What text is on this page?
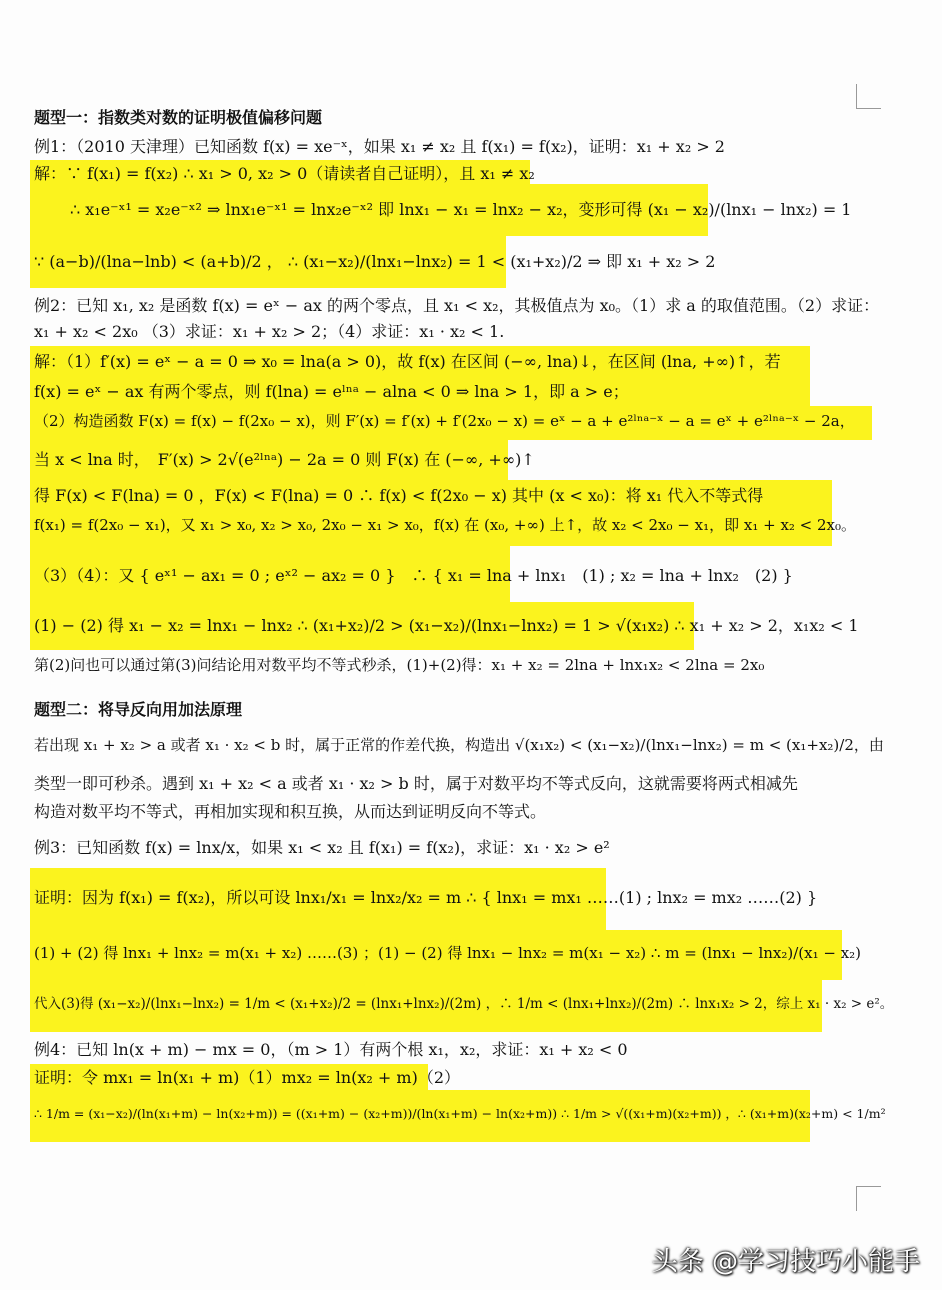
题型一：指数类对数的证明极值偏移问题
例1：（2010 天津理）已知函数 f(x) = xe⁻ˣ，如果 x₁ ≠ x₂ 且 f(x₁) = f(x₂)，证明：x₁ + x₂ > 2
解：∵ f(x₁) = f(x₂) ∴ x₁ > 0, x₂ > 0（请读者自己证明），且 x₁ ≠ x₂
∴ x₁e⁻ˣ¹ = x₂e⁻ˣ² ⇒ lnx₁e⁻ˣ¹ = lnx₂e⁻ˣ² 即 lnx₁ − x₁ = lnx₂ − x₂，变形可得 (x₁ − x₂)/(lnx₁ − lnx₂) = 1
∵ (a−b)/(lna−lnb) < (a+b)/2 ， ∴ (x₁−x₂)/(lnx₁−lnx₂) = 1 < (x₁+x₂)/2 ⇒ 即 x₁ + x₂ > 2
例2：已知 x₁, x₂ 是函数 f(x) = eˣ − ax 的两个零点，且 x₁ < x₂，其极值点为 x₀。（1）求 a 的取值范围。（2）求证：
x₁ + x₂ < 2x₀ （3）求证：x₁ + x₂ > 2；（4）求证：x₁ · x₂ < 1.
解：（1）f′(x) = eˣ − a = 0 ⇒ x₀ = lna(a > 0)，故 f(x) 在区间 (−∞, lna)↓，在区间 (lna, +∞)↑，若
f(x) = eˣ − ax 有两个零点，则 f(lna) = eˡⁿᵃ − alna < 0 ⇒ lna > 1，即 a > e；
（2）构造函数 F(x) = f(x) − f(2x₀ − x)，则 F′(x) = f′(x) + f′(2x₀ − x) = eˣ − a + e²ˡⁿᵃ⁻ˣ − a = eˣ + e²ˡⁿᵃ⁻ˣ − 2a，
当 x < lna 时，　F′(x) > 2√(e²ˡⁿᵃ) − 2a = 0 则 F(x) 在 (−∞, +∞)↑
得 F(x) < F(lna) = 0 ，F(x) < F(lna) = 0 ∴ f(x) < f(2x₀ − x) 其中 (x < x₀)：将 x₁ 代入不等式得
f(x₁) = f(2x₀ − x₁)，又 x₁ > x₀, x₂ > x₀, 2x₀ − x₁ > x₀，f(x) 在 (x₀, +∞) 上↑，故 x₂ < 2x₀ − x₁，即 x₁ + x₂ < 2x₀。
（3）（4）：又 { eˣ¹ − ax₁ = 0 ; eˣ² − ax₂ = 0 }　∴ { x₁ = lna + lnx₁　(1) ; x₂ = lna + lnx₂　(2) }
(1) − (2) 得 x₁ − x₂ = lnx₁ − lnx₂ ∴ (x₁+x₂)/2 > (x₁−x₂)/(lnx₁−lnx₂) = 1 > √(x₁x₂) ∴ x₁ + x₂ > 2，x₁x₂ < 1
第(2)问也可以通过第(3)问结论用对数平均不等式秒杀，(1)+(2)得：x₁ + x₂ = 2lna + lnx₁x₂ < 2lna = 2x₀
题型二：将导反向用加法原理
若出现 x₁ + x₂ > a 或者 x₁ · x₂ < b 时，属于正常的作差代换，构造出 √(x₁x₂) < (x₁−x₂)/(lnx₁−lnx₂) = m < (x₁+x₂)/2，由
类型一即可秒杀。遇到 x₁ + x₂ < a 或者 x₁ · x₂ > b 时，属于对数平均不等式反向，这就需要将两式相减先
构造对数平均不等式，再相加实现和积互换，从而达到证明反向不等式。
例3：已知函数 f(x) = lnx/x，如果 x₁ < x₂ 且 f(x₁) = f(x₂)，求证：x₁ · x₂ > e²
证明：因为 f(x₁) = f(x₂)，所以可设 lnx₁/x₁ = lnx₂/x₂ = m ∴ { lnx₁ = mx₁ ……(1) ; lnx₂ = mx₂ ……(2) }
(1) + (2) 得 lnx₁ + lnx₂ = m(x₁ + x₂) ……(3) ；(1) − (2) 得 lnx₁ − lnx₂ = m(x₁ − x₂) ∴ m = (lnx₁ − lnx₂)/(x₁ − x₂)
代入(3)得 (x₁−x₂)/(lnx₁−lnx₂) = 1/m < (x₁+x₂)/2 = (lnx₁+lnx₂)/(2m) ，∴ 1/m < (lnx₁+lnx₂)/(2m) ∴ lnx₁x₂ > 2，综上 x₁ · x₂ > e²。
例4：已知 ln(x + m) − mx = 0，（m > 1）有两个根 x₁，x₂，求证：x₁ + x₂ < 0
证明：令 mx₁ = ln(x₁ + m)（1）mx₂ = ln(x₂ + m)（2）
∴ 1/m = (x₁−x₂)/(ln(x₁+m) − ln(x₂+m)) = ((x₁+m) − (x₂+m))/(ln(x₁+m) − ln(x₂+m)) ∴ 1/m > √((x₁+m)(x₂+m)) ，∴ (x₁+m)(x₂+m) < 1/m²
头条 @学习技巧小能手
